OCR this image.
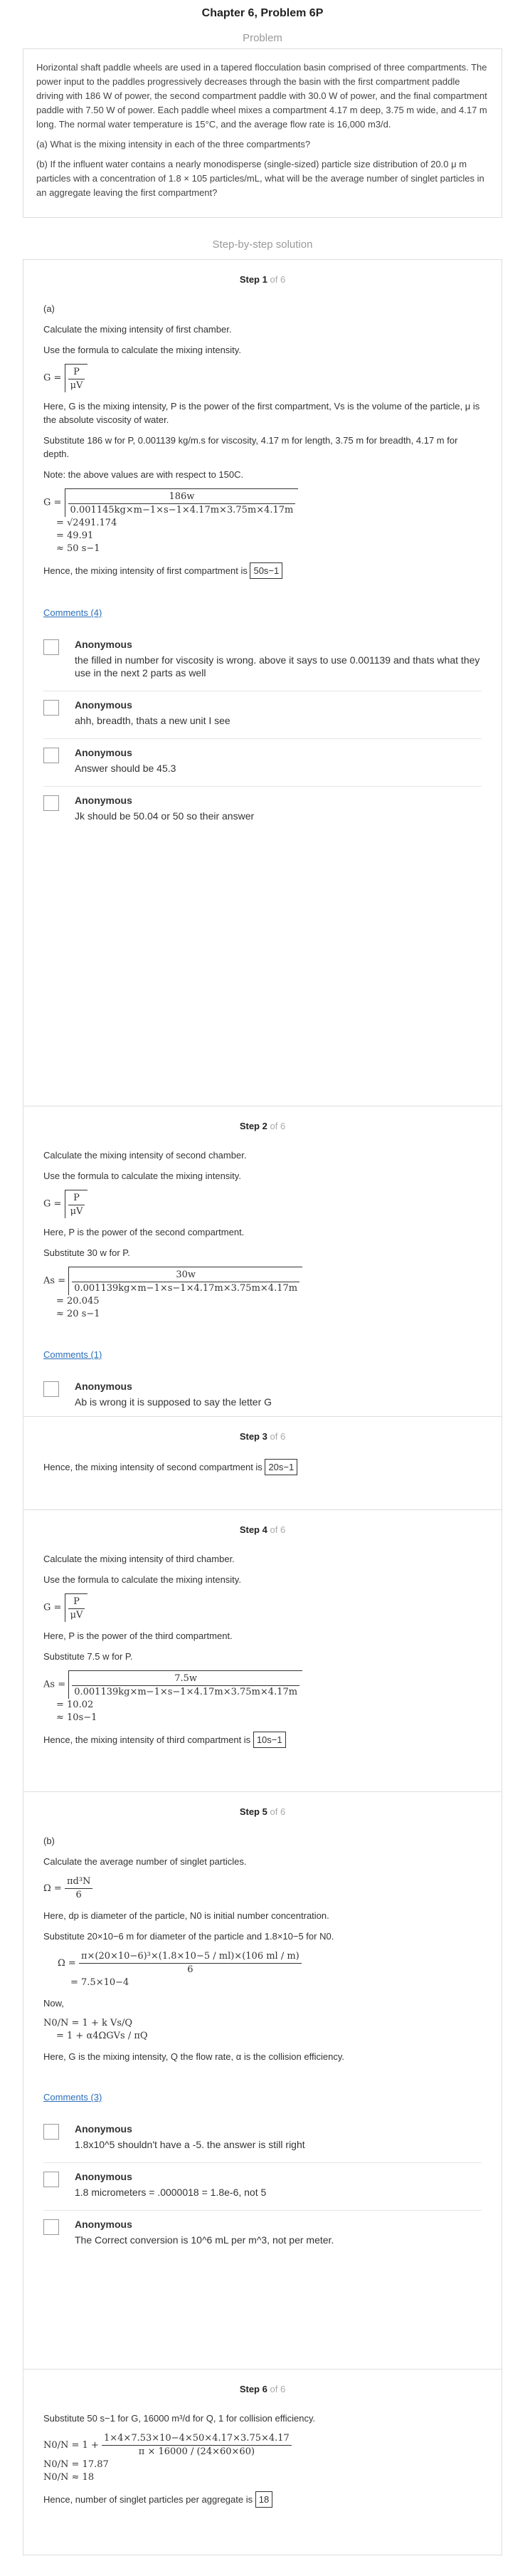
Chapter 6, Problem 6P
Problem

Horizontal shaft paddle wheels are used in a tapered flocculation basin comprised of three compartments. The power input to the paddles progressively decreases through the basin with the first compartment paddle driving with 186 W of power, the second compartment paddle with 30.0 W of power, and the final compartment paddle with 7.50 W of power. Each paddle wheel mixes a compartment 4.17 m deep, 3.75 m wide, and 4.17 m long. The normal water temperature is 15°C, and the average flow rate is 16,000 m3/d.

(a) What is the mixing intensity in each of the three compartments?

(b) If the influent water contains a nearly monodisperse (single-sized) particle size distribution of 20.0 μ m particles with a concentration of 1.8 × 105 particles/mL, what will be the average number of singlet particles in an aggregate leaving the first compartment?

Step-by-step solution
Step 1 of 6

(a)

Calculate the mixing intensity of first chamber.

Use the formula to calculate the mixing intensity.

$G = \frac{P}{\mu V}$

Here, G is the mixing intensity, P is the power of the first compartment, Vs is the volume of the particle, μ is the absolute viscosity of water.

Substitute 186 w for P, 0.001139 kg/m.s for viscosity, 4.17 m for length, 3.75 m for breadth, 4.17 m for depth.

Note: the above values are with respect to 150C.

$G = \frac{186w}{0.001145kg\times m-1\times s-1\times 4.17m\times 3.75m\times 4.17m}$
= √2491.174
= 49.91
≈ 50 s−1

Hence, the mixing intensity of first compartment is 50s−1

Comments (4)
Anonymous
the filled in number for viscosity is wrong. above it says to use 0.001139 and thats what they use in the next 2 parts as well
Anonymous
ahh, breadth, thats a new unit I see
Anonymous
Answer should be 45.3
Anonymous
Jk should be 50.04 or 50 so their answer
Step 2 of 6

Calculate the mixing intensity of second chamber.

Use the formula to calculate the mixing intensity.

$G = \frac{P}{\mu V}$

Here, P is the power of the second compartment.

Substitute 30 w for P.

$As = \frac{30w}{0.001139kg\times m-1\times s-1\times 4.17m\times 3.75m\times 4.17m}$
= 20.045
≈ 20 s−1
Comments (1)
Anonymous
Ab is wrong it is supposed to say the letter G
Step 3 of 6

Hence, the mixing intensity of second compartment is 20s−1

Step 4 of 6

Calculate the mixing intensity of third chamber.

Use the formula to calculate the mixing intensity.

$G = \frac{P}{\mu V}$

Here, P is the power of the third compartment.

Substitute 7.5 w for P.

$As = \frac{7.5w}{0.001139kg\times m-1\times s-1\times 4.17m\times 3.75m\times 4.17m}$
= 10.02
≈ 10s−1

Hence, the mixing intensity of third compartment is 10s−1

Step 5 of 6

(b)

Calculate the average number of singlet particles.

$\Omega = \frac{\text{πd³N}}{6}$

Here, dp is diameter of the particle, N0 is initial number concentration.

Substitute 20×10−6 m for diameter of the particle and 1.8×10−5 for N0.

$\Omega = \frac{\text{π×(20×10−6)³×(1.8×10−5 / ml)×(106 ml / m)}}{6}$
= 7.5×10−4

Now,

N0/N = 1 + k Vs/Q
= 1 + α4ΩGVs / πQ

Here, G is the mixing intensity, Q the flow rate, α is the collision efficiency.

Comments (3)
Anonymous
1.8x10^5 shouldn't have a -5. the answer is still right
Anonymous
1.8 micrometers = .0000018 = 1.8e-6, not 5
Anonymous
The Correct conversion is 10^6 mL per m^3, not per meter.
Step 6 of 6

Substitute 50 s−1 for G, 16000 m³/d for Q, 1 for collision efficiency.

$N0/N = 1 + \frac{1\times 4\times 7.53\times 10-4\times 50\times 4.17\times 3.75\times 4.17}{\pi \times 16000 / (24\times 60\times 60)}$
N0/N = 17.87
N0/N ≈ 18

Hence, number of singlet particles per aggregate is 18
